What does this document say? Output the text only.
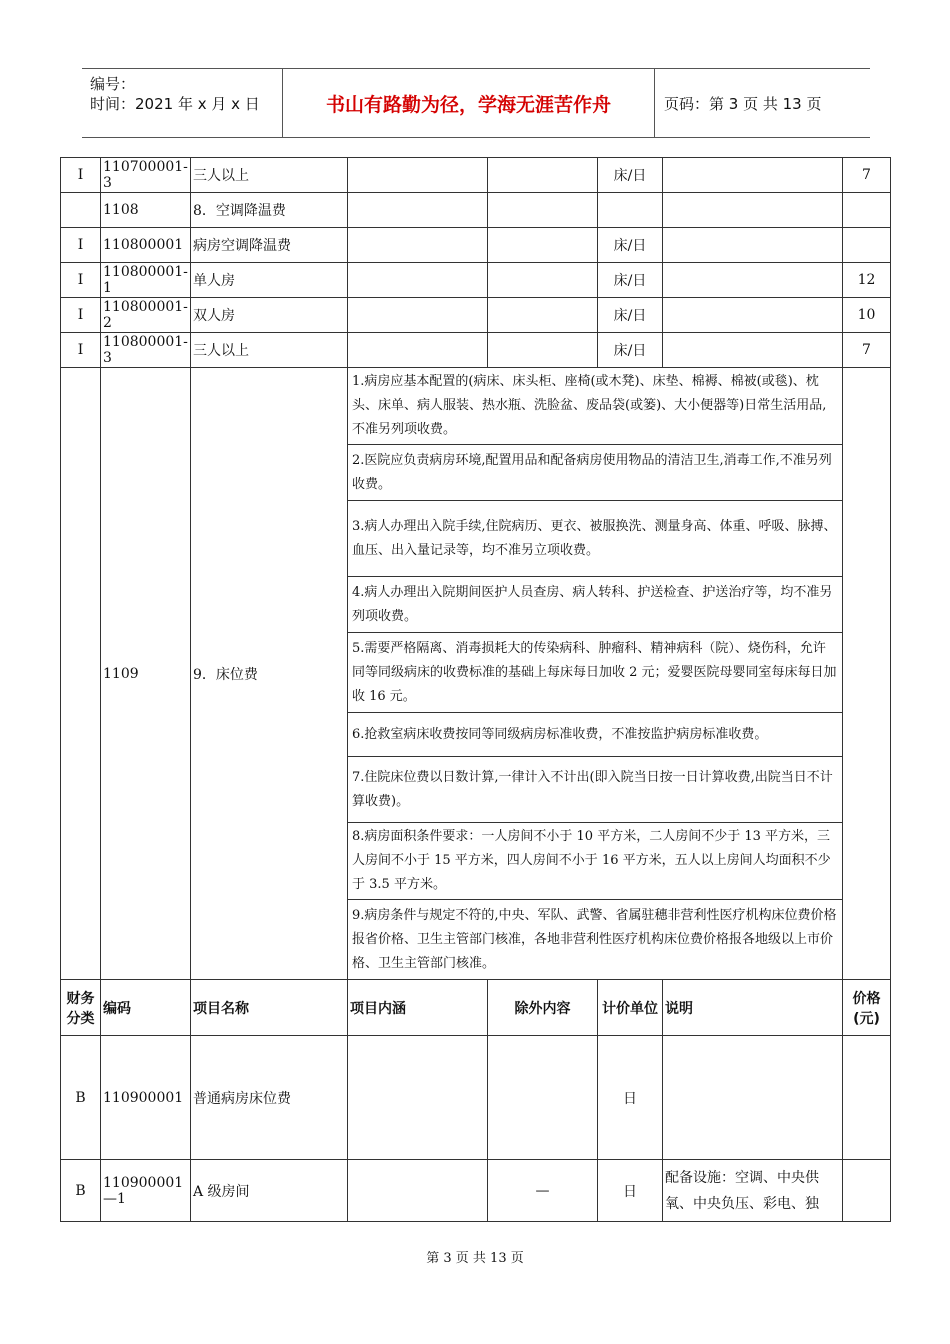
编号：
时间：2021 年 x 月 x 日	书山有路勤为径，学海无涯苦作舟	页码：第 3 页 共 13 页
I	110700001-3	三人以上			床/日		7
	1108	8．空调降温费					
I	110800001	病房空调降温费			床/日		
I	110800001-1	单人房			床/日		12
I	110800001-2	双人房			床/日		10
I	110800001-3	三人以上			床/日		7
	1109	9．床位费	1.病房应基本配置的(病床、床头柜、座椅(或木凳)、床垫、棉褥、棉被(或毯)、枕头、床单、病人服装、热水瓶、洗脸盆、废品袋(或篓)、大小便器等)日常生活用品,不准另列项收费。				
			2.医院应负责病房环境,配置用品和配备病房使用物品的清洁卫生,消毒工作,不准另列收费。				
			3.病人办理出入院手续,住院病历、更衣、被服换洗、测量身高、体重、呼吸、脉搏、血压、出入量记录等，均不准另立项收费。				
			4.病人办理出入院期间医护人员查房、病人转科、护送检查、护送治疗等，均不准另列项收费。				
			5.需要严格隔离、消毒损耗大的传染病科、肿瘤科、精神病科（院）、烧伤科，允许同等同级病床的收费标准的基础上每床每日加收 2 元；爱婴医院母婴同室每床每日加收 16 元。				
			6.抢救室病床收费按同等同级病房标准收费，不准按监护病房标准收费。				
			7.住院床位费以日数计算,一律计入不计出(即入院当日按一日计算收费,出院当日不计算收费)。				
			8.病房面积条件要求：一人房间不小于 10 平方米，二人房间不少于 13 平方米，三人房间不小于 15 平方米，四人房间不小于 16 平方米，五人以上房间人均面积不少于 3.5 平方米。				
			9.病房条件与规定不符的,中央、军队、武警、省属驻穗非营利性医疗机构床位费价格报省价格、卫生主管部门核准，各地非营利性医疗机构床位费价格报各地级以上市价格、卫生主管部门核准。				
财务分类	编码	项目名称	项目内涵	除外内容	计价单位	说明	价格(元)
B	110900001	普通病房床位费			日		
B	110900001—1	A 级房间		—	日	配备设施：空调、中央供氧、中央负压、彩电、独	
第 3 页 共 13 页
